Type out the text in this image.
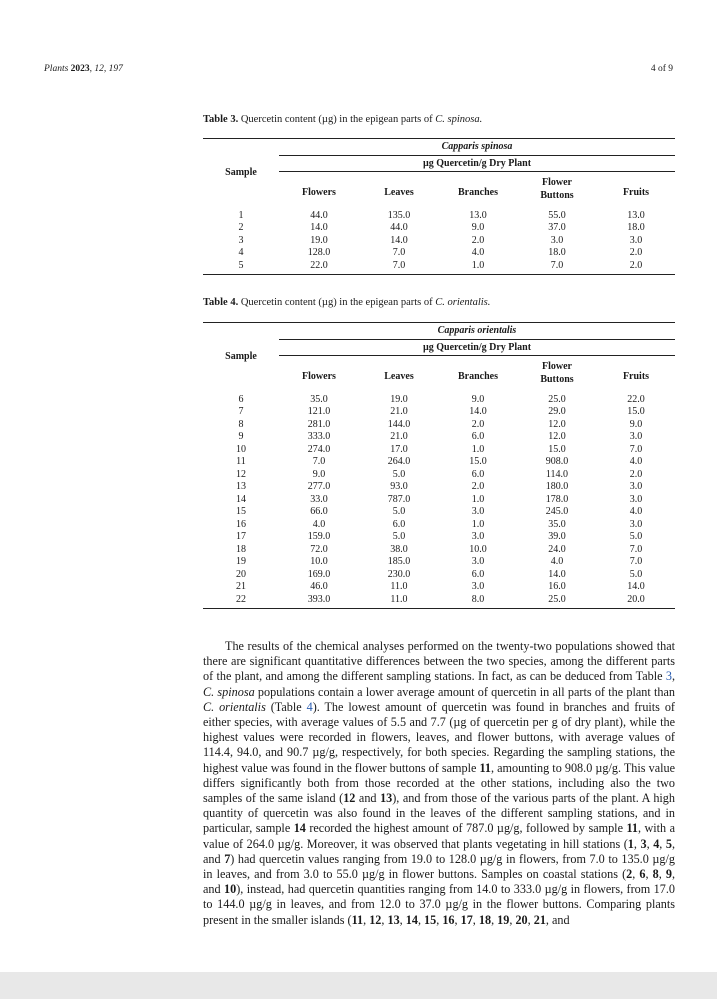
Plants 2023, 12, 197	4 of 9
Table 3. Quercetin content (µg) in the epigean parts of C. spinosa.
Sample	Capparis spinosa				
	µg Quercetin/g Dry Plant				
	Flowers	Leaves	Branches	Flower Buttons	Fruits
1	44.0	135.0	13.0	55.0	13.0
2	14.0	44.0	9.0	37.0	18.0
3	19.0	14.0	2.0	3.0	3.0
4	128.0	7.0	4.0	18.0	2.0
5	22.0	7.0	1.0	7.0	2.0
Table 4. Quercetin content (µg) in the epigean parts of C. orientalis.
Sample	Capparis orientalis				
	µg Quercetin/g Dry Plant				
	Flowers	Leaves	Branches	Flower Buttons	Fruits
6	35.0	19.0	9.0	25.0	22.0
7	121.0	21.0	14.0	29.0	15.0
8	281.0	144.0	2.0	12.0	9.0
9	333.0	21.0	6.0	12.0	3.0
10	274.0	17.0	1.0	15.0	7.0
11	7.0	264.0	15.0	908.0	4.0
12	9.0	5.0	6.0	114.0	2.0
13	277.0	93.0	2.0	180.0	3.0
14	33.0	787.0	1.0	178.0	3.0
15	66.0	5.0	3.0	245.0	4.0
16	4.0	6.0	1.0	35.0	3.0
17	159.0	5.0	3.0	39.0	5.0
18	72.0	38.0	10.0	24.0	7.0
19	10.0	185.0	3.0	4.0	7.0
20	169.0	230.0	6.0	14.0	5.0
21	46.0	11.0	3.0	16.0	14.0
22	393.0	11.0	8.0	25.0	20.0

The results of the chemical analyses performed on the twenty-two populations showed that there are significant quantitative differences between the two species, among the different parts of the plant, and among the different sampling stations. In fact, as can be deduced from Table 3, C. spinosa populations contain a lower average amount of quercetin in all parts of the plant than C. orientalis (Table 4). The lowest amount of quercetin was found in branches and fruits of either species, with average values of 5.5 and 7.7 (µg of quercetin per g of dry plant), while the highest values were recorded in flowers, leaves, and flower buttons, with average values of 114.4, 94.0, and 90.7 µg/g, respectively, for both species. Regarding the sampling stations, the highest value was found in the flower buttons of sample 11, amounting to 908.0 µg/g. This value differs significantly both from those recorded at the other stations, including also the two samples of the same island (12 and 13), and from those of the various parts of the plant. A high quantity of quercetin was also found in the leaves of the different sampling stations, and in particular, sample 14 recorded the highest amount of 787.0 µg/g, followed by sample 11, with a value of 264.0 µg/g. Moreover, it was observed that plants vegetating in hill stations (1, 3, 4, 5, and 7) had quercetin values ranging from 19.0 to 128.0 µg/g in flowers, from 7.0 to 135.0 µg/g in leaves, and from 3.0 to 55.0 µg/g in flower buttons. Samples on coastal stations (2, 6, 8, 9, and 10), instead, had quercetin quantities ranging from 14.0 to 333.0 µg/g in flowers, from 17.0 to 144.0 µg/g in leaves, and from 12.0 to 37.0 µg/g in the flower buttons. Comparing plants present in the smaller islands (11, 12, 13, 14, 15, 16, 17, 18, 19, 20, 21, and
